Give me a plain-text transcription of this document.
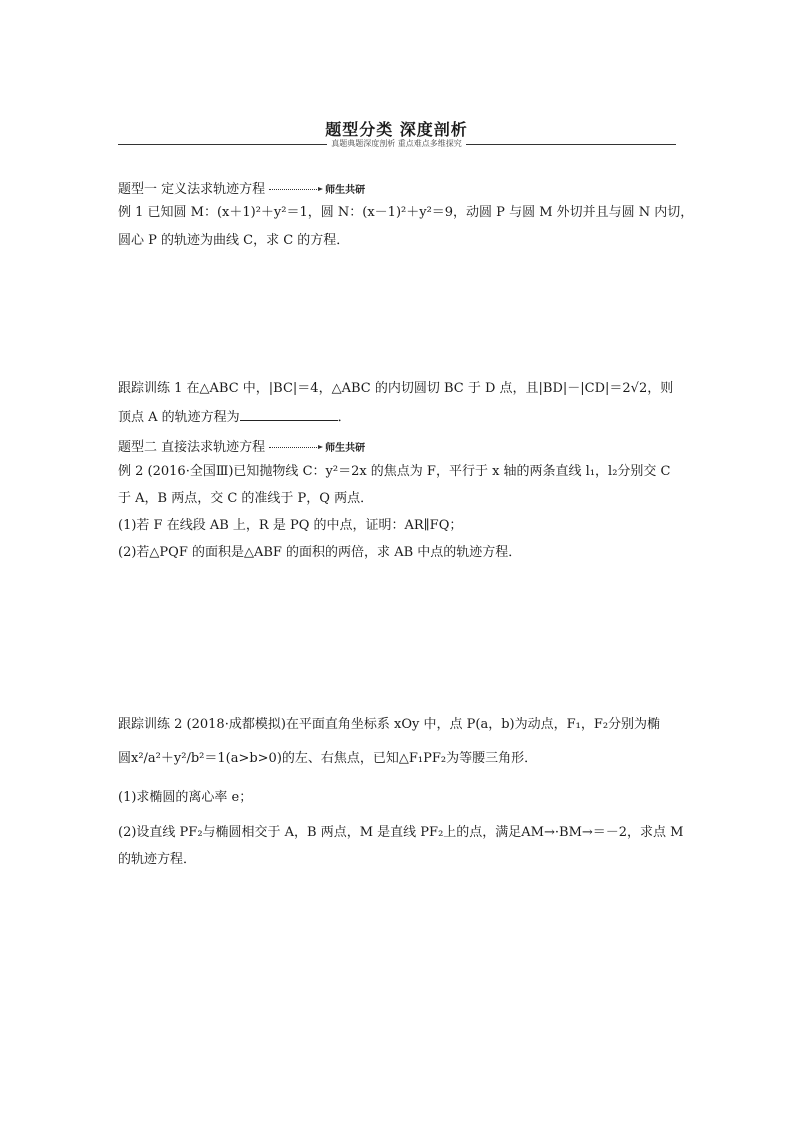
题型分类 深度剖析
真题典题深度剖析 重点难点多维探究
题型一 定义法求轨迹方程	师生共研
例 1 已知圆 M：(x＋1)²＋y²＝1，圆 N：(x－1)²＋y²＝9，动圆 P 与圆 M 外切并且与圆 N 内切，
圆心 P 的轨迹为曲线 C，求 C 的方程．
跟踪训练 1 在△ABC 中，|BC|＝4，△ABC 的内切圆切 BC 于 D 点，且|BD|－|CD|＝2√2，则
顶点 A 的轨迹方程为	．
题型二 直接法求轨迹方程	师生共研
例 2 (2016·全国Ⅲ)已知抛物线 C：y²＝2x 的焦点为 F，平行于 x 轴的两条直线 l₁，l₂分别交 C
于 A，B 两点，交 C 的准线于 P，Q 两点．
(1)若 F 在线段 AB 上，R 是 PQ 的中点，证明：AR∥FQ；
(2)若△PQF 的面积是△ABF 的面积的两倍，求 AB 中点的轨迹方程．
跟踪训练 2 (2018·成都模拟)在平面直角坐标系 xOy 中，点 P(a，b)为动点，F₁，F₂分别为椭
圆x²/a²＋y²/b²＝1(a>b>0)的左、右焦点，已知△F₁PF₂为等腰三角形．
(1)求椭圆的离心率 e；
(2)设直线 PF₂与椭圆相交于 A，B 两点，M 是直线 PF₂上的点，满足AM→·BM→＝－2，求点 M
的轨迹方程．
